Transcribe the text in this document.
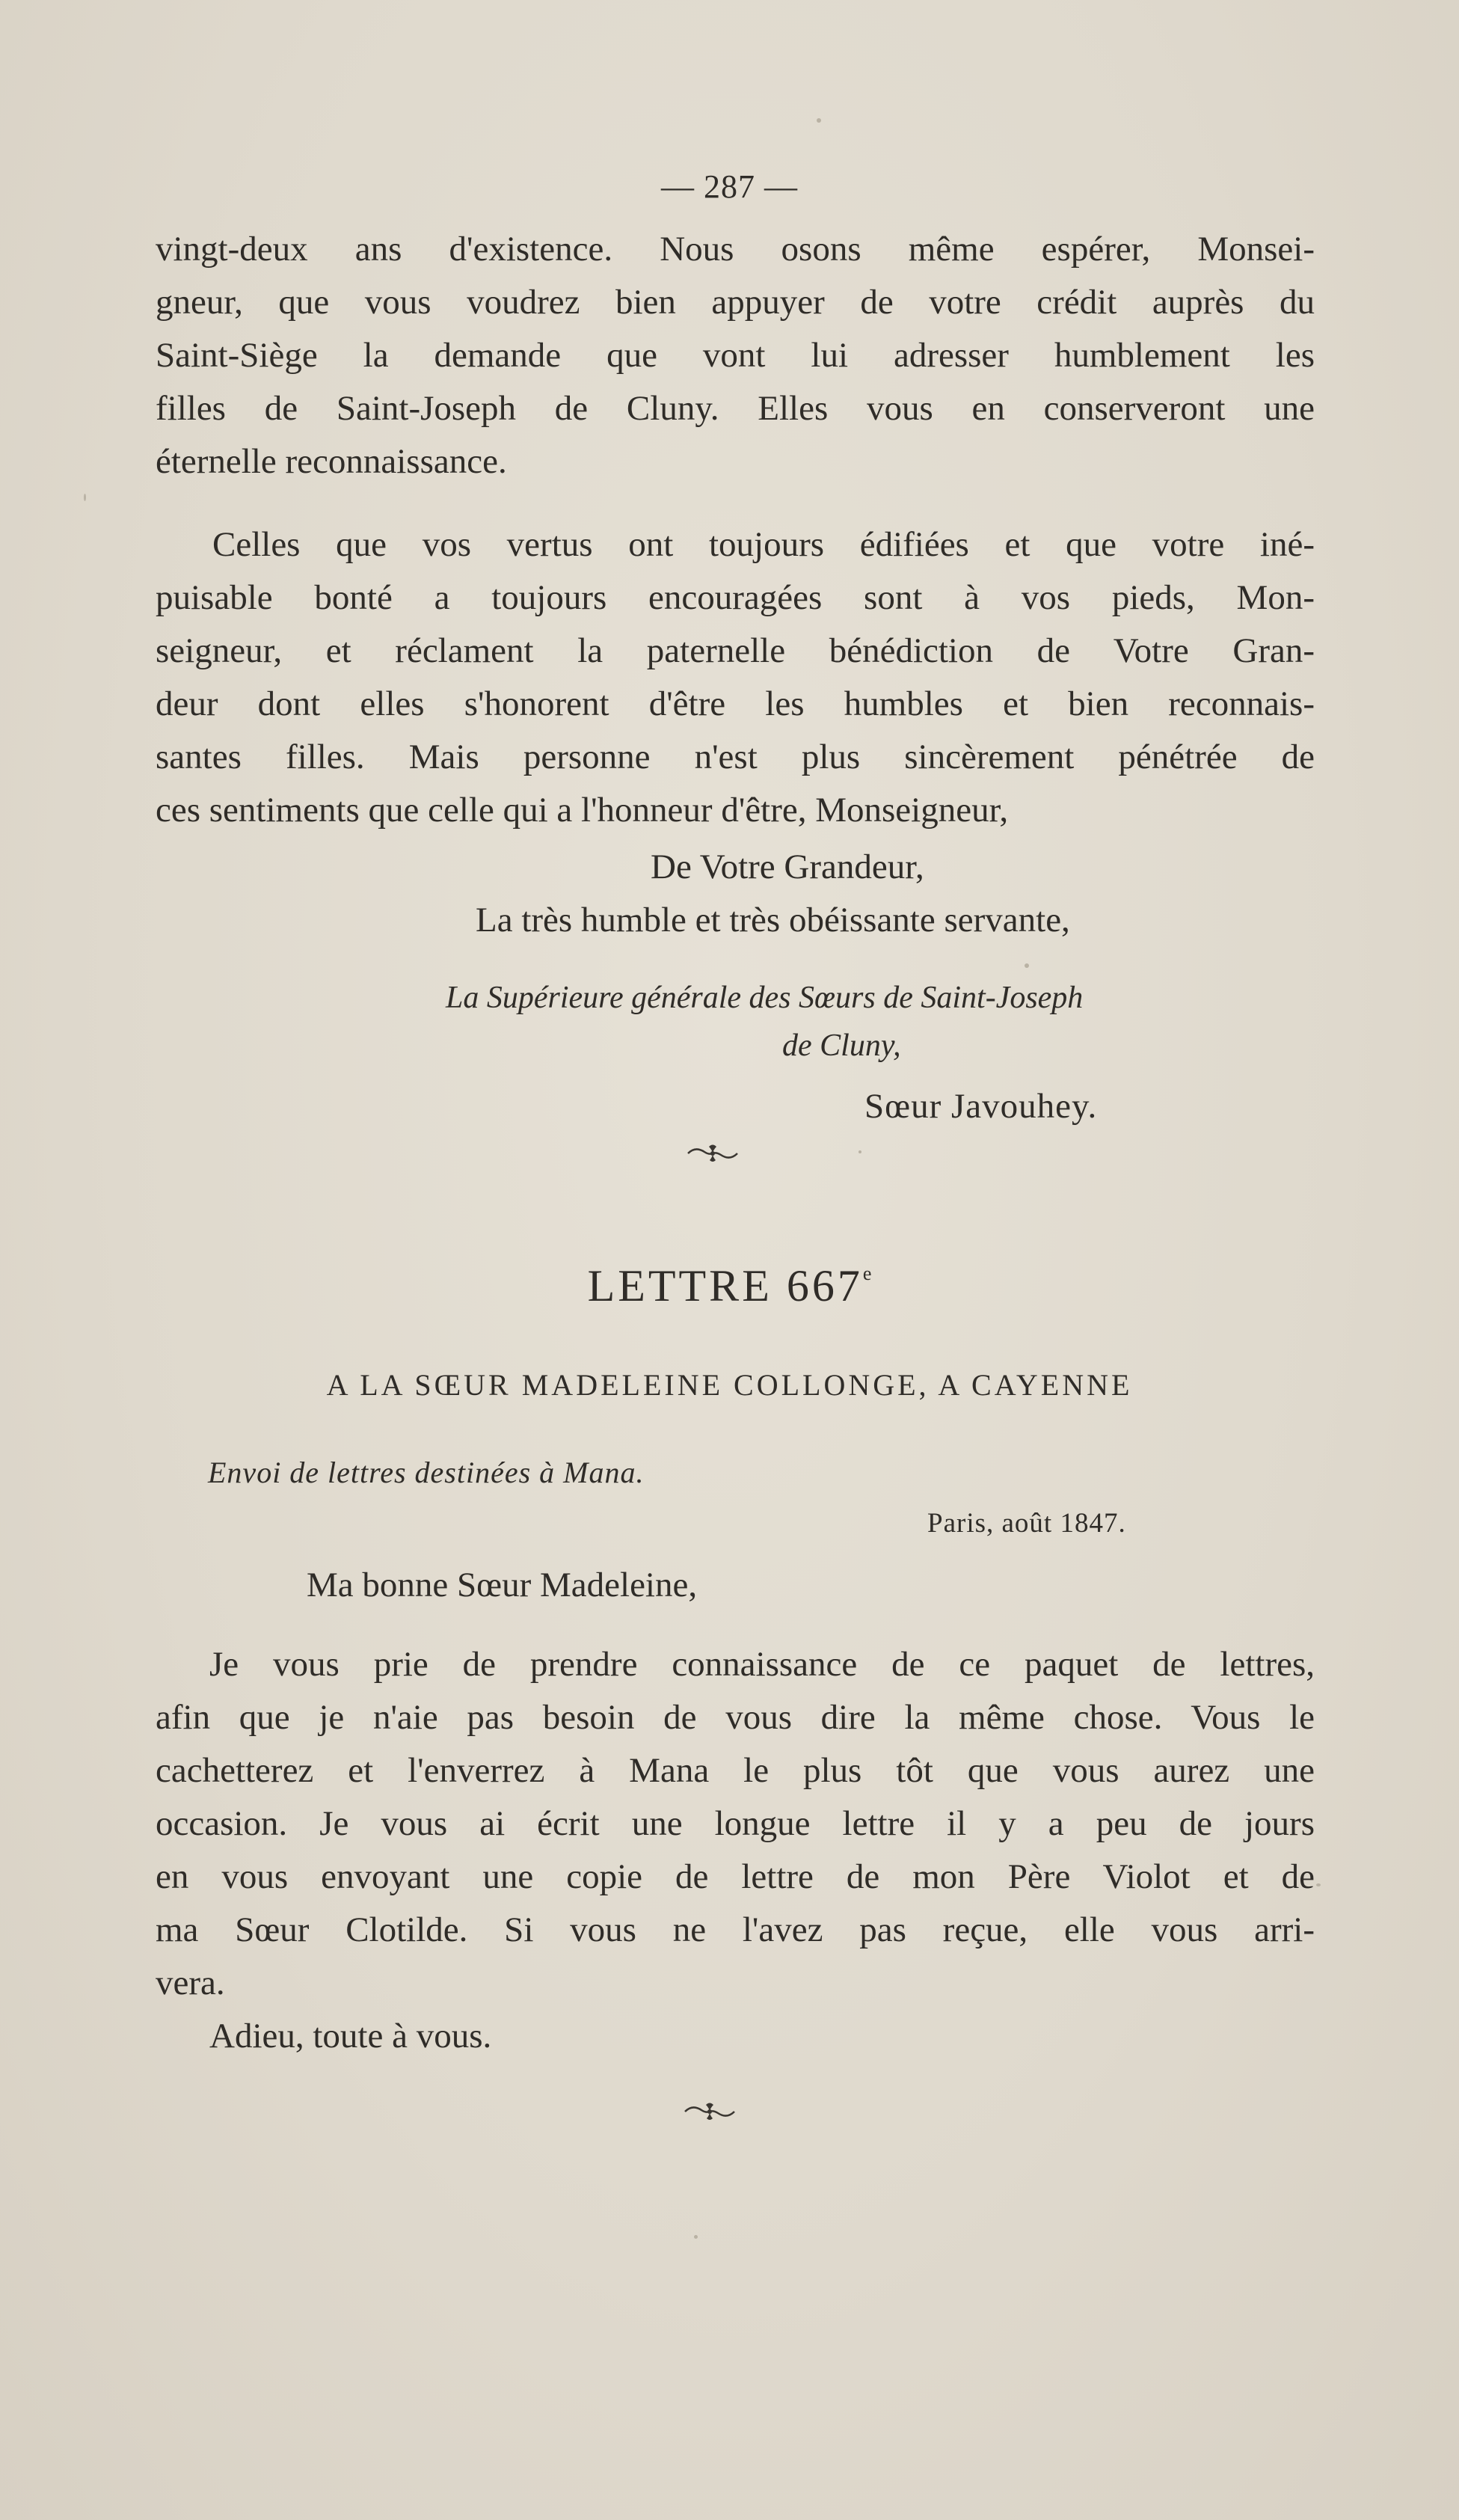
— 287 —
vingt-deux ans d'existence. Nous osons même espérer, Monsei-
gneur, que vous voudrez bien appuyer de votre crédit auprès du
Saint-Siège la demande que vont lui adresser humblement les
filles de Saint-Joseph de Cluny. Elles vous en conserveront une
éternelle reconnaissance.
Celles que vos vertus ont toujours édifiées et que votre iné-
puisable bonté a toujours encouragées sont à vos pieds, Mon-
seigneur, et réclament la paternelle bénédiction de Votre Gran-
deur dont elles s'honorent d'être les humbles et bien reconnais-
santes filles. Mais personne n'est plus sincèrement pénétrée de
ces sentiments que celle qui a l'honneur d'être, Monseigneur,
De Votre Grandeur,
La très humble et très obéissante servante,
La Supérieure générale des Sœurs de Saint-Joseph
de Cluny,
Sœur Javouhey.
LETTRE 667e
A LA SŒUR MADELEINE COLLONGE, A CAYENNE
Envoi de lettres destinées à Mana.
Paris, août 1847.
Ma bonne Sœur Madeleine,
Je vous prie de prendre connaissance de ce paquet de lettres,
afin que je n'aie pas besoin de vous dire la même chose. Vous le
cachetterez et l'enverrez à Mana le plus tôt que vous aurez une
occasion. Je vous ai écrit une longue lettre il y a peu de jours
en vous envoyant une copie de lettre de mon Père Violot et de
ma Sœur Clotilde. Si vous ne l'avez pas reçue, elle vous arri-
vera.
Adieu, toute à vous.
